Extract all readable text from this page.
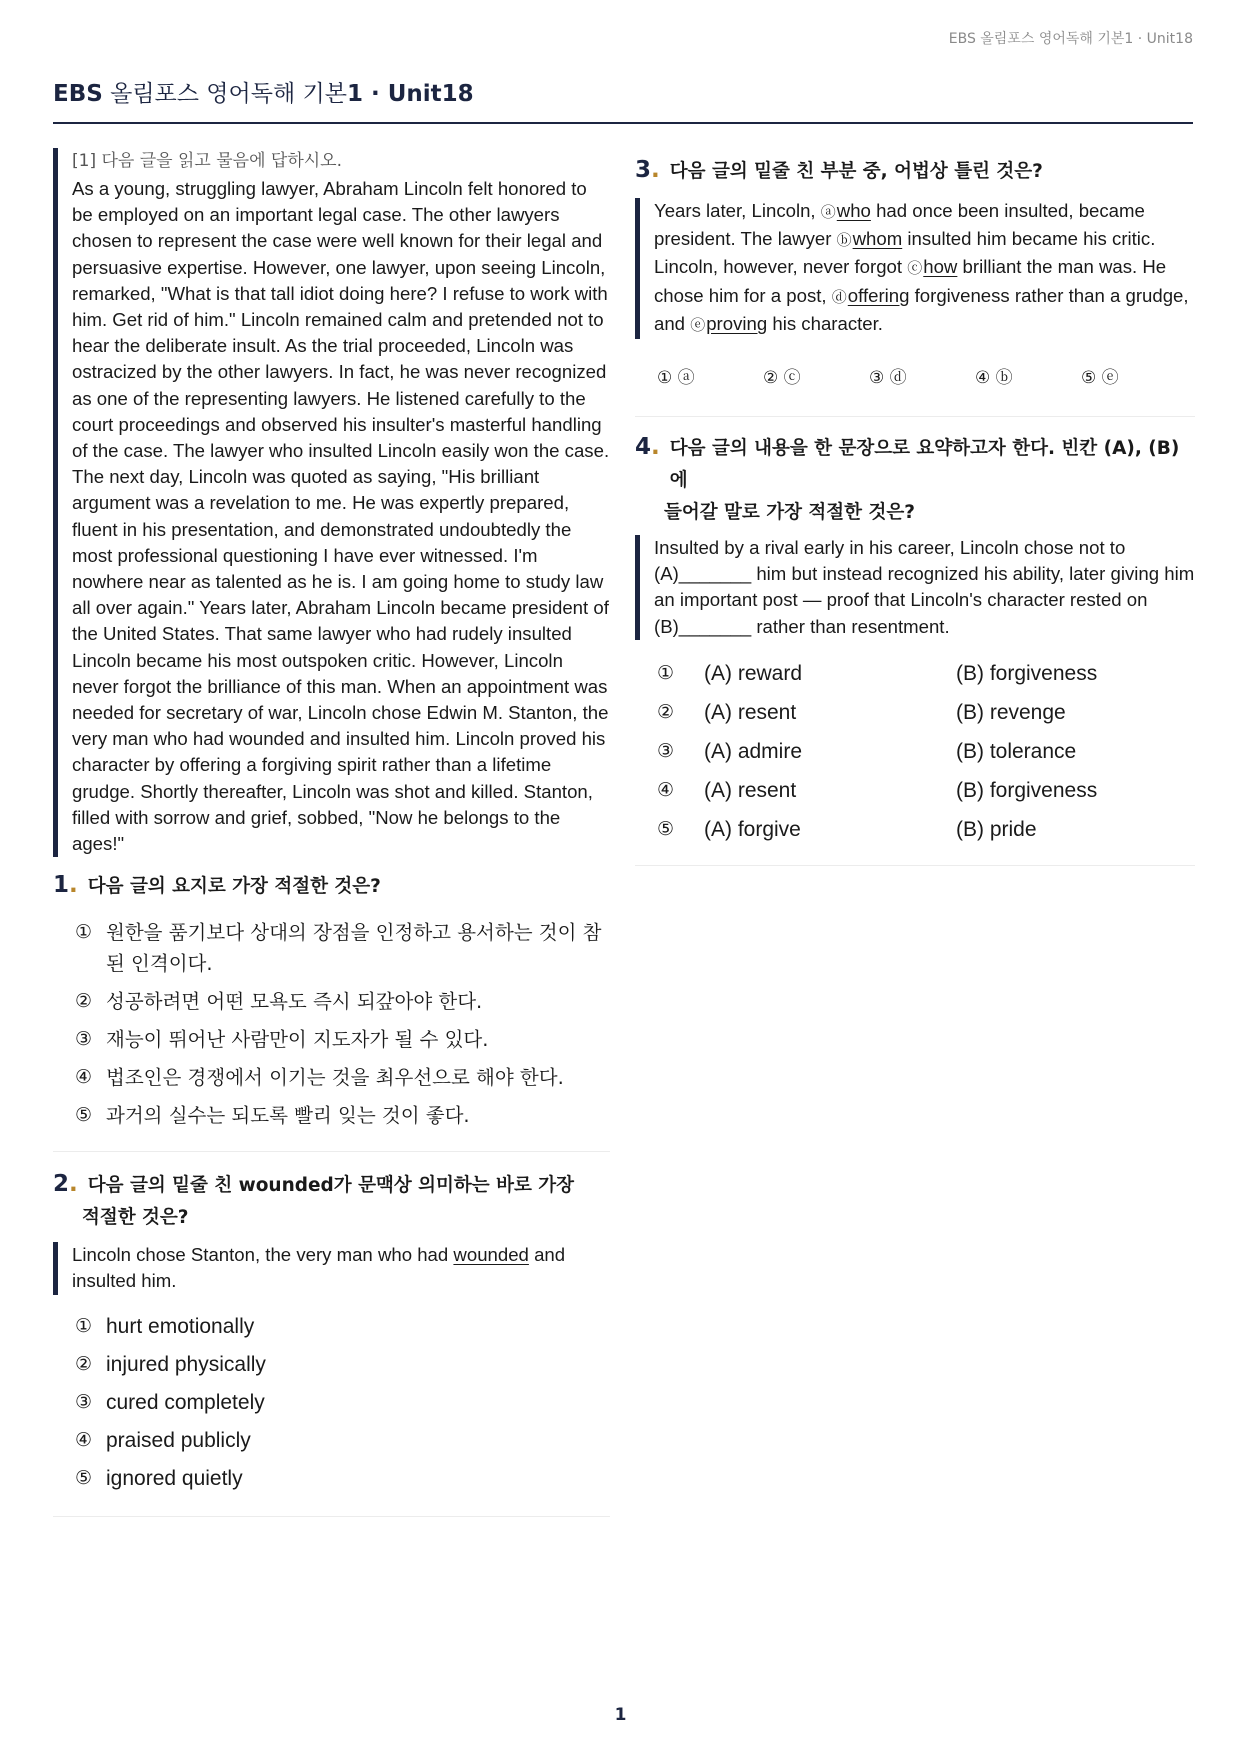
EBS 올림포스 영어독해 기본1 · Unit18
EBS 올림포스 영어독해 기본1 · Unit18
[1] 다음 글을 읽고 물음에 답하시오.
As a young, struggling lawyer, Abraham Lincoln felt honored to be employed on an important legal case. The other lawyers chosen to represent the case were well known for their legal and persuasive expertise. However, one lawyer, upon seeing Lincoln, remarked, "What is that tall idiot doing here? I refuse to work with him. Get rid of him." Lincoln remained calm and pretended not to hear the deliberate insult. As the trial proceeded, Lincoln was ostracized by the other lawyers. In fact, he was never recognized as one of the representing lawyers. He listened carefully to the court proceedings and observed his insulter's masterful handling of the case. The lawyer who insulted Lincoln easily won the case. The next day, Lincoln was quoted as saying, "His brilliant argument was a revelation to me. He was expertly prepared, fluent in his presentation, and demonstrated undoubtedly the most professional questioning I have ever witnessed. I'm nowhere near as talented as he is. I am going home to study law all over again." Years later, Abraham Lincoln became president of the United States. That same lawyer who had rudely insulted Lincoln became his most outspoken critic. However, Lincoln never forgot the brilliance of this man. When an appointment was needed for secretary of war, Lincoln chose Edwin M. Stanton, the very man who had wounded and insulted him. Lincoln proved his character by offering a forgiving spirit rather than a lifetime grudge. Shortly thereafter, Lincoln was shot and killed. Stanton, filled with sorrow and grief, sobbed, "Now he belongs to the ages!"
1. 다음 글의 요지로 가장 적절한 것은?
① 원한을 품기보다 상대의 장점을 인정하고 용서하는 것이 참된 인격이다.
② 성공하려면 어떤 모욕도 즉시 되갚아야 한다.
③ 재능이 뛰어난 사람만이 지도자가 될 수 있다.
④ 법조인은 경쟁에서 이기는 것을 최우선으로 해야 한다.
⑤ 과거의 실수는 되도록 빨리 잊는 것이 좋다.
2. 다음 글의 밑줄 친 wounded가 문맥상 의미하는 바로 가장
적절한 것은?
Lincoln chose Stanton, the very man who had wounded and insulted him.
① hurt emotionally
② injured physically
③ cured completely
④ praised publicly
⑤ ignored quietly
3. 다음 글의 밑줄 친 부분 중, 어법상 틀린 것은?
Years later, Lincoln, ⓐwho had once been insulted, became president. The lawyer ⓑwhom insulted him became his critic. Lincoln, however, never forgot ⓒhow brilliant the man was. He chose him for a post, ⓓoffering forgiveness rather than a grudge, and ⓔproving his character.
① ⓐ	② ⓒ	③ ⓓ	④ ⓑ	⑤ ⓔ
4. 다음 글의 내용을 한 문장으로 요약하고자 한다. 빈칸 (A), (B)에
들어갈 말로 가장 적절한 것은?
Insulted by a rival early in his career, Lincoln chose not to (A)_______ him but instead recognized his ability, later giving him an important post — proof that Lincoln's character rested on (B)_______ rather than resentment.
①	(A) reward	(B) forgiveness
②	(A) resent	(B) revenge
③	(A) admire	(B) tolerance
④	(A) resent	(B) forgiveness
⑤	(A) forgive	(B) pride
1
